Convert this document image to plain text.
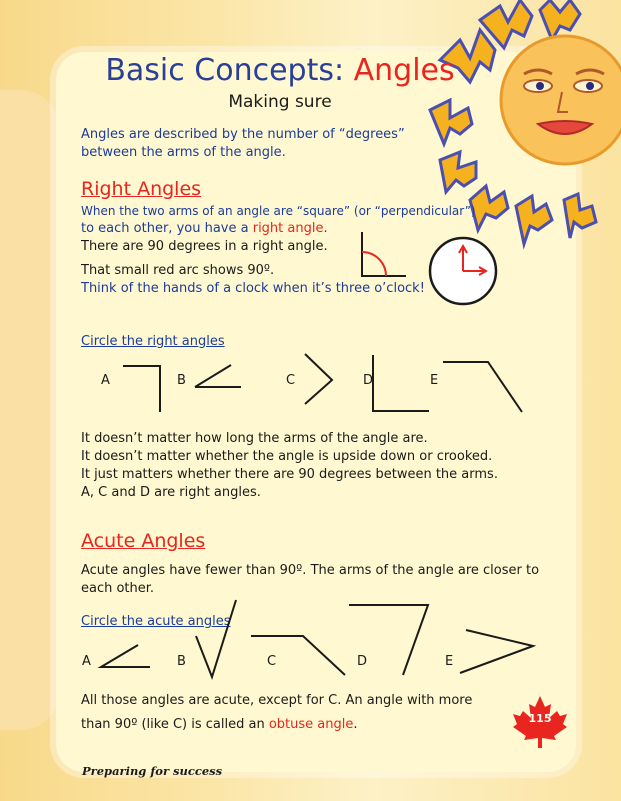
Basic Concepts: Angles
Making sure
Angles are described by the number of “degrees”
between the arms of the angle.
Right Angles
When the two arms of an angle are “square” (or “perpendicular”)
to each other, you have a right angle.
There are 90 degrees in a right angle.
That small red arc shows 90º.
Think of the hands of a clock when it’s three o’clock!
Circle the right angles
A	B	C	D	E
It doesn’t matter how long the arms of the angle are.
It doesn’t matter whether the angle is upside down or crooked.
It just matters whether there are 90 degrees between the arms.
A, C and D are right angles.
Acute Angles
Acute angles have fewer than 90º. The arms of the angle are closer to
each other.
Circle the acute angles
A	B	C	D	E
All those angles are acute, except for C. An angle with more
than 90º (like C) is called an obtuse angle.
Preparing for success
115
